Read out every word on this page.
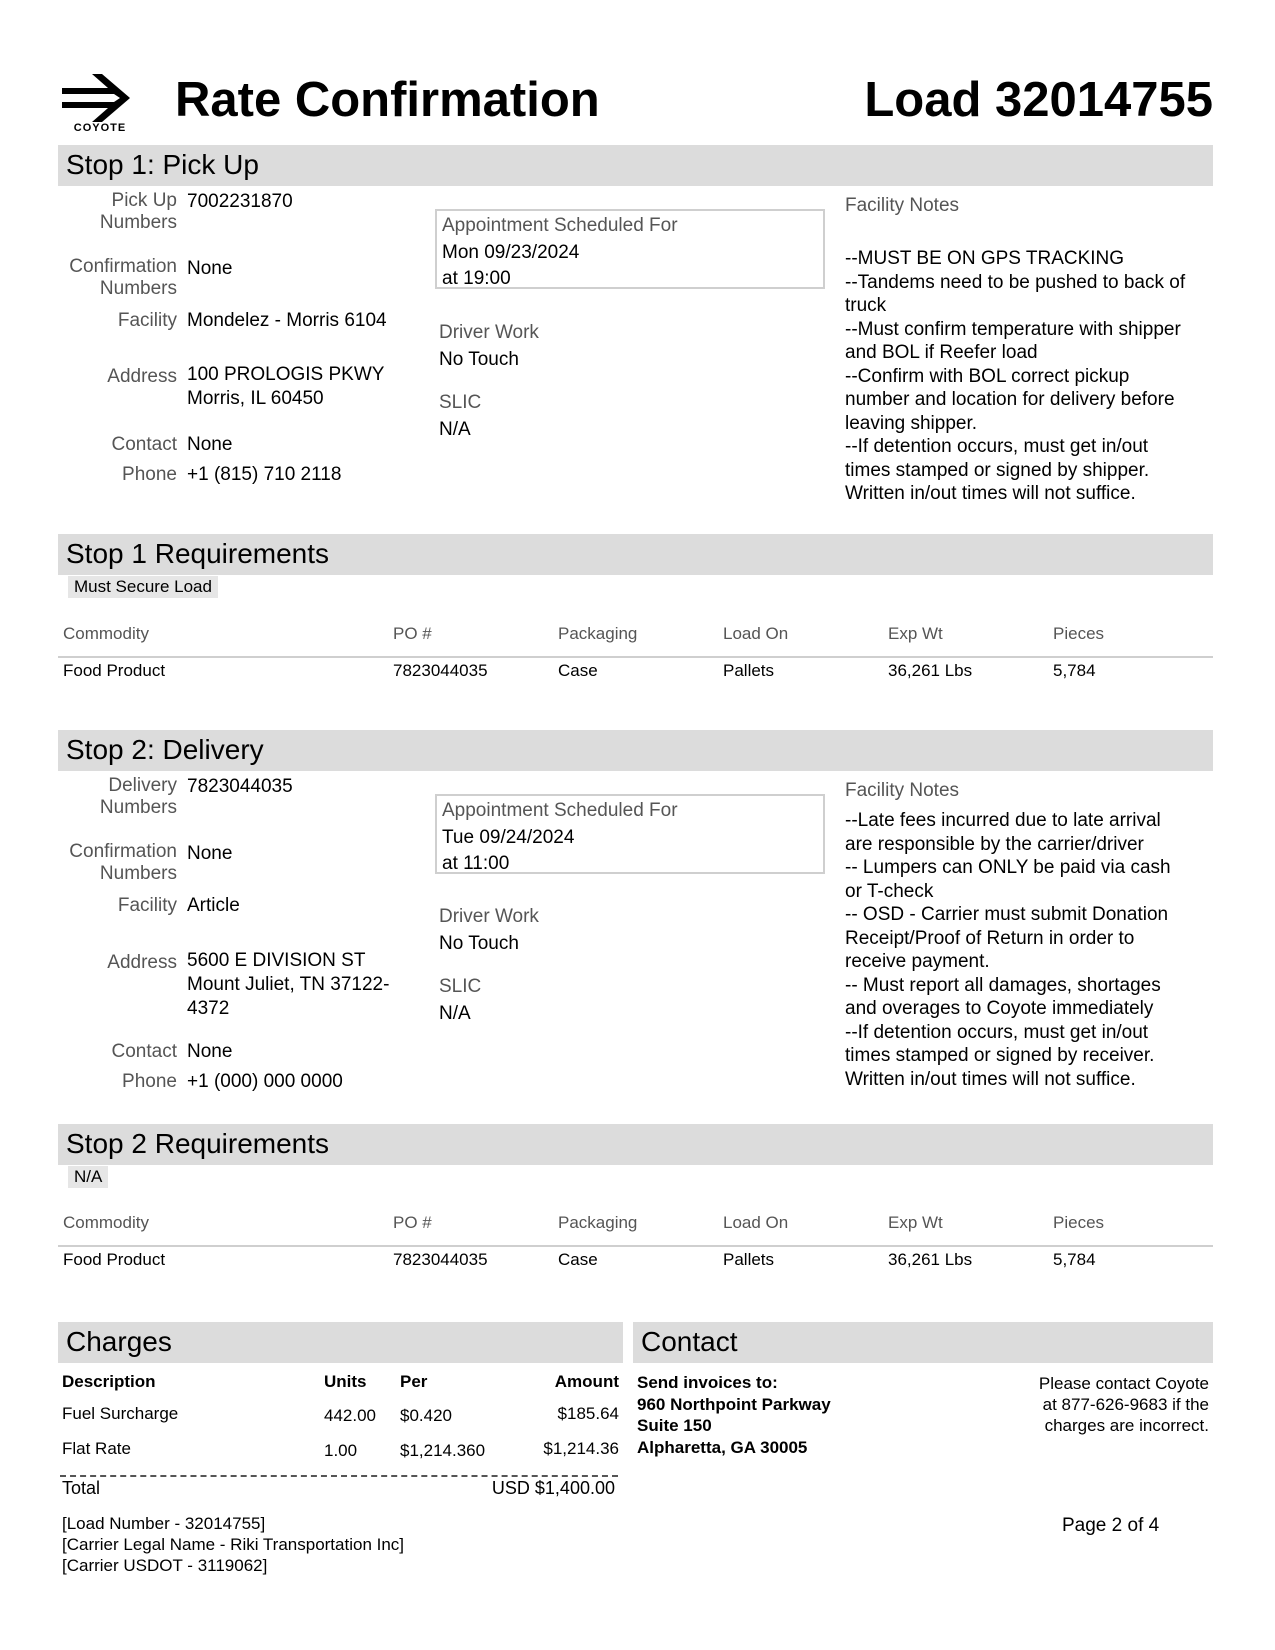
COYOTE
Rate Confirmation	Load 32014755
Stop 1: Pick Up
Pick Up
Numbers
7002231870
Confirmation
Numbers
None
Facility Mondelez - Morris 6104
Address 100 PROLOGIS PKWY
Morris, IL 60450
Contact None
Phone +1 (815) 710 2118
Appointment Scheduled For
Mon 09/23/2024
at 19:00
Driver Work
No Touch
SLIC
N/A
Facility Notes
--MUST BE ON GPS TRACKING
--Tandems need to be pushed to back of
truck
--Must confirm temperature with shipper
and BOL if Reefer load
--Confirm with BOL correct pickup
number and location for delivery before
leaving shipper.
--If detention occurs, must get in/out
times stamped or signed by shipper.
Written in/out times will not suffice.
Stop 1 Requirements
Must Secure Load
Commodity	PO #	Packaging	Load On	Exp Wt	Pieces
Food Product	7823044035	Case	Pallets	36,261 Lbs	5,784
Stop 2: Delivery
Delivery
Numbers
7823044035
Confirmation
Numbers
None
Facility Article
Address 5600 E DIVISION ST
Mount Juliet, TN 37122-
4372
Contact None
Phone +1 (000) 000 0000
Appointment Scheduled For
Tue 09/24/2024
at 11:00
Driver Work
No Touch
SLIC
N/A
Facility Notes
--Late fees incurred due to late arrival
are responsible by the carrier/driver
-- Lumpers can ONLY be paid via cash
or T-check
-- OSD - Carrier must submit Donation
Receipt/Proof of Return in order to
receive payment.
-- Must report all damages, shortages
and overages to Coyote immediately
--If detention occurs, must get in/out
times stamped or signed by receiver.
Written in/out times will not suffice.
Stop 2 Requirements
N/A
Commodity	PO #	Packaging	Load On	Exp Wt	Pieces
Food Product	7823044035	Case	Pallets	36,261 Lbs	5,784
Charges
Description	Units Per	Amount
Fuel Surcharge	442.00 $0.420	$185.64
Flat Rate	1.00	$1,214.360	$1,214.36
Total	USD $1,400.00
Contact
Send invoices to:
960 Northpoint Parkway
Suite 150
Alpharetta, GA 30005
Please contact Coyote
at 877-626-9683 if the
charges are incorrect.
[Load Number - 32014755]
[Carrier Legal Name - Riki Transportation Inc]
[Carrier USDOT - 3119062]
Page 2 of 4
